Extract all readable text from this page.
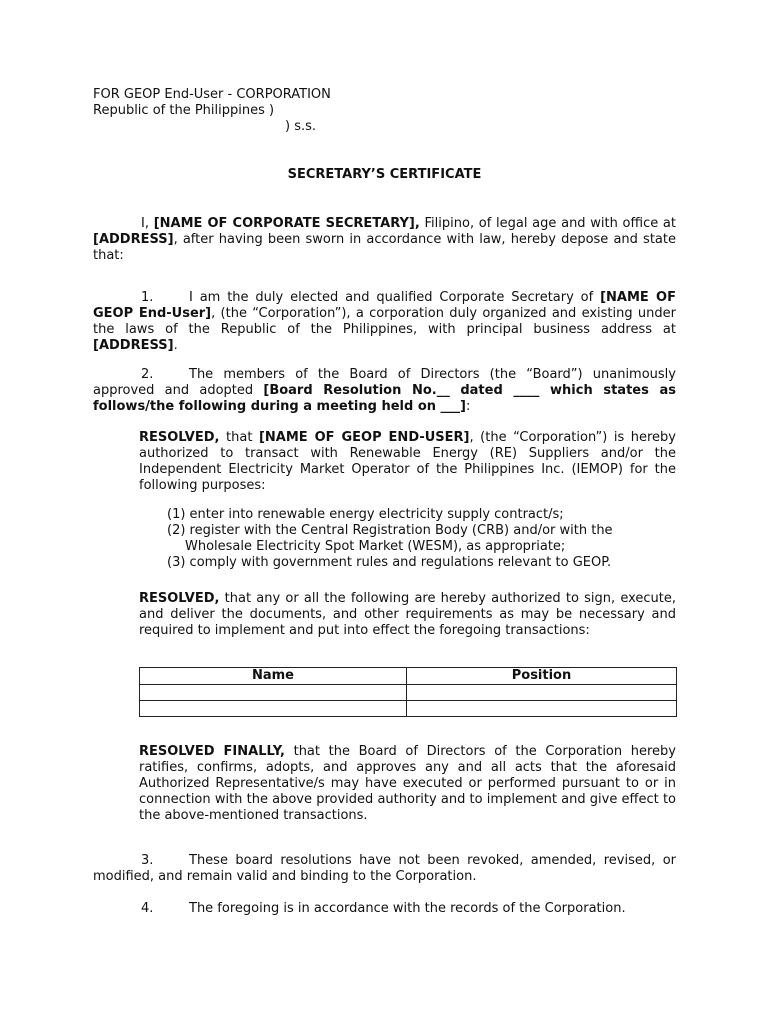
FOR GEOP End-User - CORPORATION
Republic of the Philippines )
) s.s.
SECRETARY’S CERTIFICATE
I, [NAME OF CORPORATE SECRETARY], Filipino, of legal age and with office at [ADDRESS], after having been sworn in accordance with law, hereby depose and state that:
1.	I am the duly elected and qualified Corporate Secretary of [NAME OF GEOP End-User], (the “Corporation”), a corporation duly organized and existing under the laws of the Republic of the Philippines, with principal business address at [ADDRESS].
2.	The members of the Board of Directors (the “Board”) unanimously approved and adopted [Board Resolution No.__ dated ____ which states as follows/the following during a meeting held on ___]:
RESOLVED, that [NAME OF GEOP END-USER], (the “Corporation”) is hereby authorized to transact with Renewable Energy (RE) Suppliers and/or the Independent Electricity Market Operator of the Philippines Inc. (IEMOP) for the following purposes:
(1) enter into renewable energy electricity supply contract/s;
(2) register with the Central Registration Body (CRB) and/or with the
Wholesale Electricity Spot Market (WESM), as appropriate;
(3) comply with government rules and regulations relevant to GEOP.
RESOLVED, that any or all the following are hereby authorized to sign, execute, and deliver the documents, and other requirements as may be necessary and required to implement and put into effect the foregoing transactions:
Name	Position

RESOLVED FINALLY, that the Board of Directors of the Corporation hereby ratifies, confirms, adopts, and approves any and all acts that the aforesaid Authorized Representative/s may have executed or performed pursuant to or in connection with the above provided authority and to implement and give effect to the above-mentioned transactions.
3.	These board resolutions have not been revoked, amended, revised, or modified, and remain valid and binding to the Corporation.
4.	The foregoing is in accordance with the records of the Corporation.
